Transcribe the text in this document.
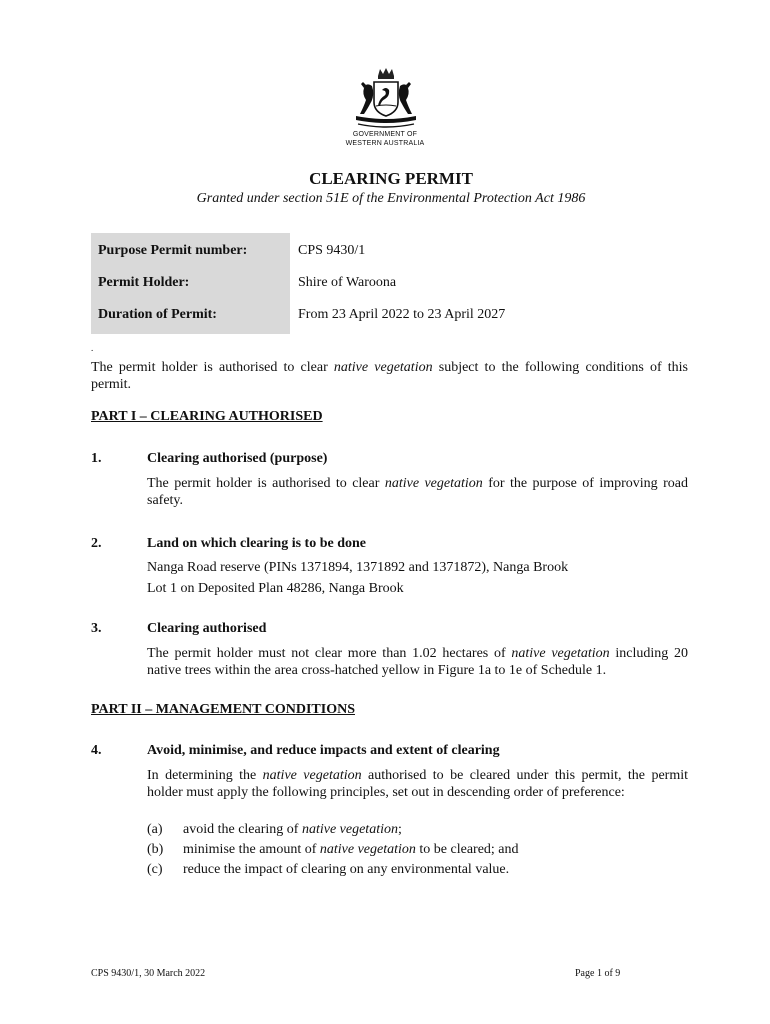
GOVERNMENT OF
WESTERN AUSTRALIA
CLEARING PERMIT
Granted under section 51E of the Environmental Protection Act 1986
Purpose Permit number:	CPS 9430/1
Permit Holder:	Shire of Waroona
Duration of Permit:	From 23 April 2022 to 23 April 2027
.

The permit holder is authorised to clear native vegetation subject to the following conditions of this permit.

PART I – CLEARING AUTHORISED
1.	Clearing authorised (purpose)

The permit holder is authorised to clear native vegetation for the purpose of improving road safety.

2.	Land on which clearing is to be done
Nanga Road reserve (PINs 1371894, 1371892 and 1371872), Nanga Brook
Lot 1 on Deposited Plan 48286, Nanga Brook
3.	Clearing authorised

The permit holder must not clear more than 1.02 hectares of native vegetation including 20 native trees within the area cross-hatched yellow in Figure 1a to 1e of Schedule 1.

PART II – MANAGEMENT CONDITIONS
4.	Avoid, minimise, and reduce impacts and extent of clearing

In determining the native vegetation authorised to be cleared under this permit, the permit holder must apply the following principles, set out in descending order of preference:

(a) avoid the clearing of native vegetation;
(b) minimise the amount of native vegetation to be cleared; and
(c) reduce the impact of clearing on any environmental value.
CPS 9430/1, 30 March 2022	Page 1 of 9
